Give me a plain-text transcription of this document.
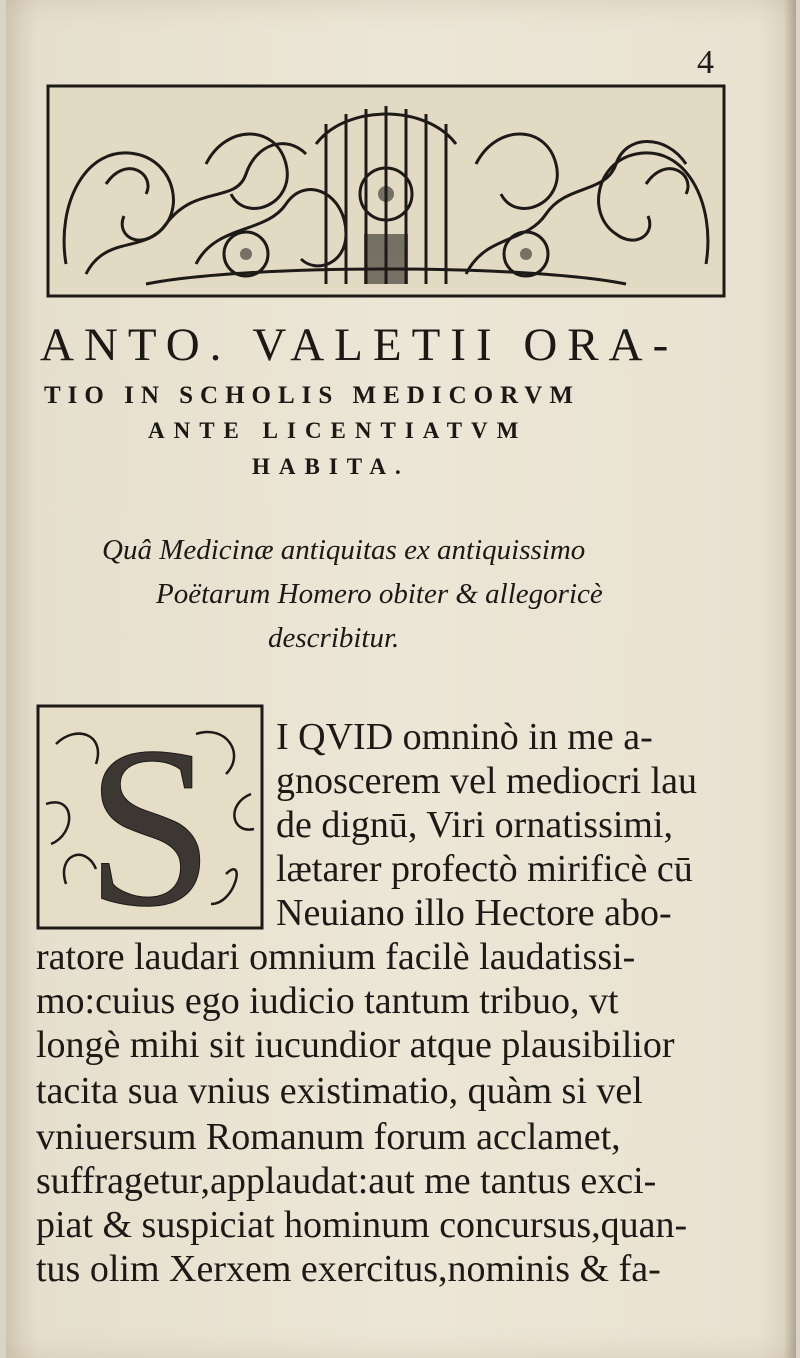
4
ANTO. VALETII ORA-
TIO IN SCHOLIS MEDICORVM
ANTE LICENTIATVM
HABITA.
Quâ Medicinæ antiquitas ex antiquissimo
Poëtarum Homero obiter & allegoricè
describitur.
S I QVID omninò in me a-
gnoscerem vel mediocri lau
de dignū, Viri ornatissimi,
lætarer profectò mirificè cū
Neuiano illo Hectore abo-
ratore laudari omnium facilè laudatissi-
mo:cuius ego iudicio tantum tribuo, vt
longè mihi sit iucundior atque plausibilior
tacita sua vnius existimatio, quàm si vel
vniuersum Romanum forum acclamet,
suffragetur,applaudat:aut me tantus exci-
piat & suspiciat hominum concursus,quan-
tus olim Xerxem exercitus,nominis & fa-
